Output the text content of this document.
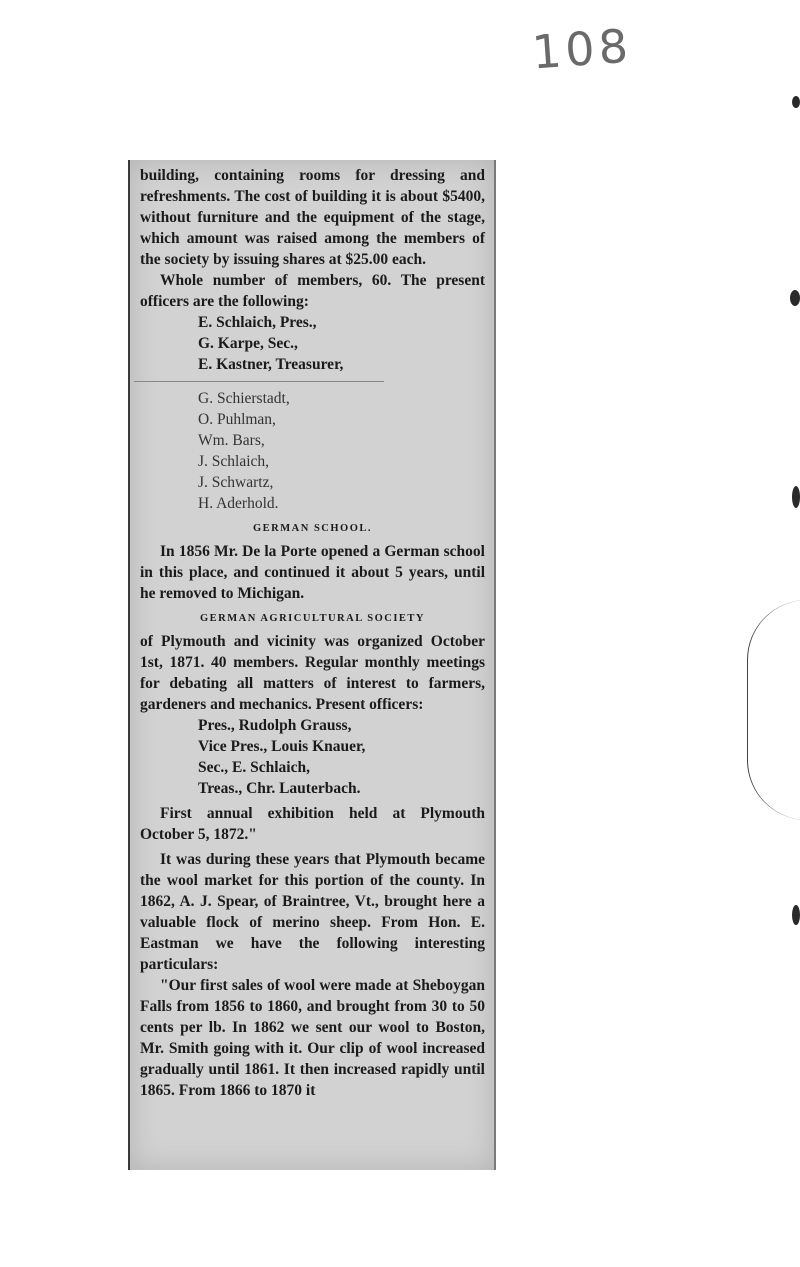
108

building, containing rooms for dressing and refreshments. The cost of building it is about $5400, without furniture and the equipment of the stage, which amount was raised among the members of the society by issuing shares at $25.00 each.

Whole number of members, 60. The present officers are the following:

E. Schlaich, Pres.,
G. Karpe, Sec.,
E. Kastner, Treasurer,
G. Schierstadt,
O. Puhlman,
Wm. Bars,
J. Schlaich,
J. Schwartz,
H. Aderhold.
GERMAN SCHOOL.

In 1856 Mr. De la Porte opened a German school in this place, and continued it about 5 years, until he removed to Michigan.

GERMAN AGRICULTURAL SOCIETY

of Plymouth and vicinity was organized October 1st, 1871. 40 members. Regular monthly meetings for debating all matters of interest to farmers, gardeners and mechanics. Present officers:

Pres., Rudolph Grauss,
Vice Pres., Louis Knauer,
Sec., E. Schlaich,
Treas., Chr. Lauterbach.

First annual exhibition held at Plymouth October 5, 1872."

It was during these years that Plymouth became the wool market for this portion of the county. In 1862, A. J. Spear, of Braintree, Vt., brought here a valuable flock of merino sheep. From Hon. E. Eastman we have the following interesting particulars:

"Our first sales of wool were made at Sheboygan Falls from 1856 to 1860, and brought from 30 to 50 cents per lb. In 1862 we sent our wool to Boston, Mr. Smith going with it. Our clip of wool increased gradually until 1861. It then increased rapidly until 1865. From 1866 to 1870 it
